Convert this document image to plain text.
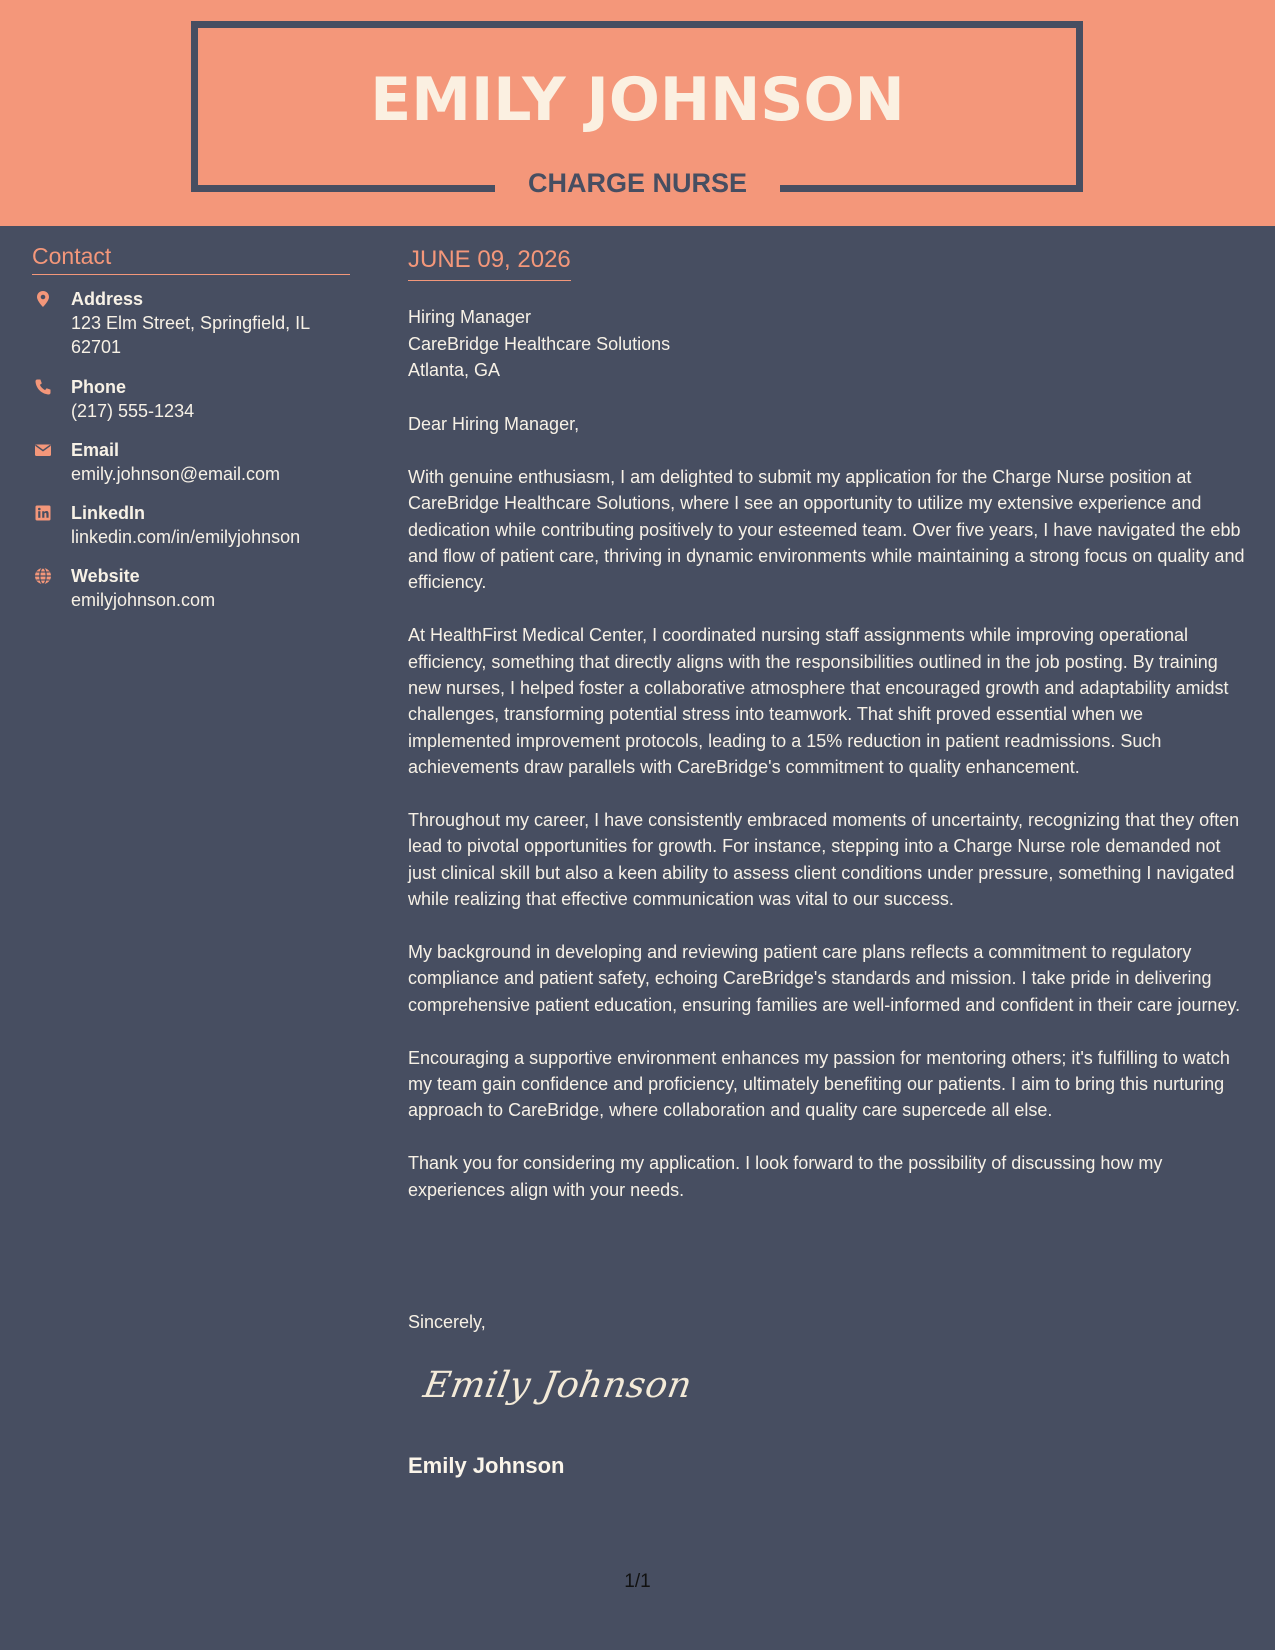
EMILY JOHNSON
CHARGE NURSE
Contact
Address
123 Elm Street, Springfield, IL 62701
Phone
(217) 555-1234
Email
emily.johnson@email.com
LinkedIn
linkedin.com/in/emilyjohnson
Website
emilyjohnson.com
JUNE 09, 2026
Hiring Manager
CareBridge Healthcare Solutions
Atlanta, GA

Dear Hiring Manager,

With genuine enthusiasm, I am delighted to submit my application for the Charge Nurse position at CareBridge Healthcare Solutions, where I see an opportunity to utilize my extensive experience and dedication while contributing positively to your esteemed team. Over five years, I have navigated the ebb and flow of patient care, thriving in dynamic environments while maintaining a strong focus on quality and efficiency.

At HealthFirst Medical Center, I coordinated nursing staff assignments while improving operational efficiency, something that directly aligns with the responsibilities outlined in the job posting. By training new nurses, I helped foster a collaborative atmosphere that encouraged growth and adaptability amidst challenges, transforming potential stress into teamwork. That shift proved essential when we implemented improvement protocols, leading to a 15% reduction in patient readmissions. Such achievements draw parallels with CareBridge's commitment to quality enhancement.

Throughout my career, I have consistently embraced moments of uncertainty, recognizing that they often lead to pivotal opportunities for growth. For instance, stepping into a Charge Nurse role demanded not just clinical skill but also a keen ability to assess client conditions under pressure, something I navigated while realizing that effective communication was vital to our success.

My background in developing and reviewing patient care plans reflects a commitment to regulatory compliance and patient safety, echoing CareBridge's standards and mission. I take pride in delivering comprehensive patient education, ensuring families are well-informed and confident in their care journey.

Encouraging a supportive environment enhances my passion for mentoring others; it's fulfilling to watch my team gain confidence and proficiency, ultimately benefiting our patients. I aim to bring this nurturing approach to CareBridge, where collaboration and quality care supercede all else.

Thank you for considering my application. I look forward to the possibility of discussing how my experiences align with your needs.

Sincerely,
Emily Johnson
Emily Johnson
1/1
